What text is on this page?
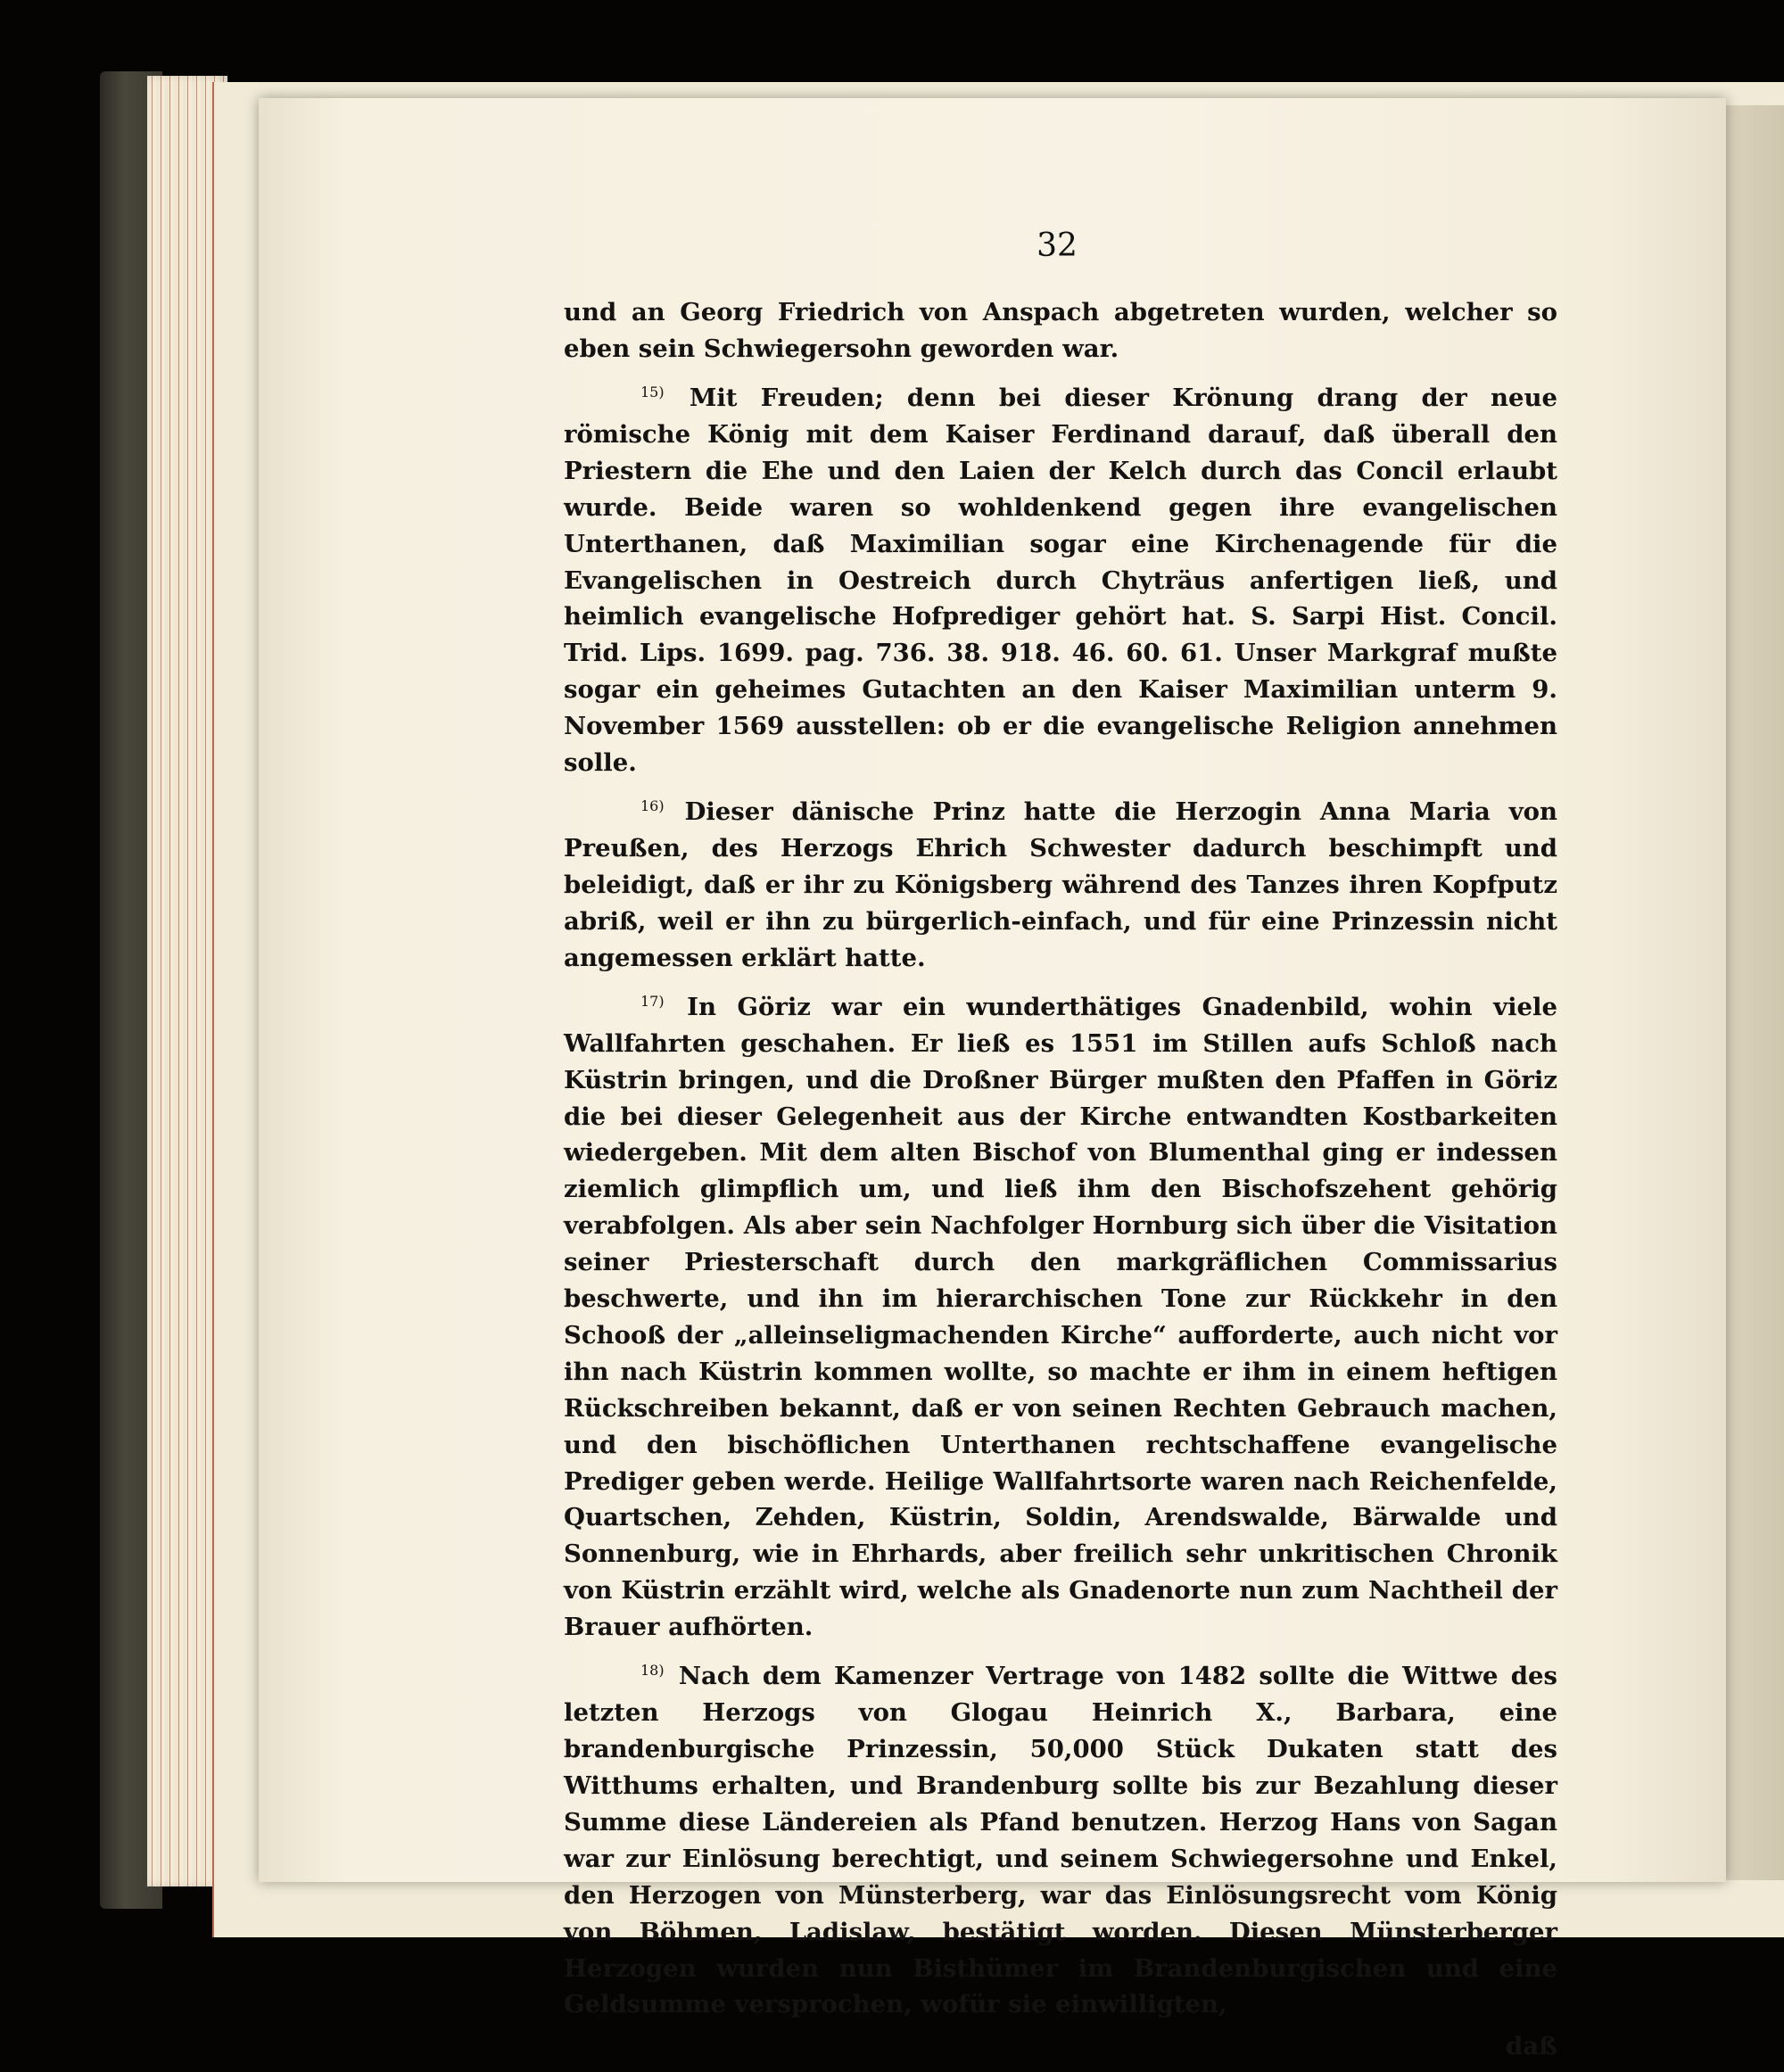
32

und an Georg Friedrich von Anspach abgetreten wurden, welcher so eben sein Schwiegersohn geworden war.

$^{15)}$ Mit Freuden; denn bei dieser Krönung drang der neue römische König mit dem Kaiser Ferdinand darauf, daß überall den Priestern die Ehe und den Laien der Kelch durch das Concil erlaubt wurde. Beide waren so wohldenkend gegen ihre evangelischen Unterthanen, daß Maximilian sogar eine Kirchenagende für die Evangelischen in Oestreich durch Chyträus anfertigen ließ, und heimlich evangelische Hofprediger gehört hat. S. Sarpi Hist. Concil. Trid. Lips. 1699. pag. 736. 38. 918. 46. 60. 61. Unser Markgraf mußte sogar ein geheimes Gutachten an den Kaiser Maximilian unterm 9. November 1569 ausstellen: ob er die evangelische Religion annehmen solle.

$^{16)}$ Dieser dänische Prinz hatte die Herzogin Anna Maria von Preußen, des Herzogs Ehrich Schwester dadurch beschimpft und beleidigt, daß er ihr zu Königsberg während des Tanzes ihren Kopfputz abriß, weil er ihn zu bürgerlich-einfach, und für eine Prinzessin nicht angemessen erklärt hatte.

$^{17)}$ In Göriz war ein wunderthätiges Gnadenbild, wohin viele Wallfahrten geschahen. Er ließ es 1551 im Stillen aufs Schloß nach Küstrin bringen, und die Droßner Bürger mußten den Pfaffen in Göriz die bei dieser Gelegenheit aus der Kirche entwandten Kostbarkeiten wiedergeben. Mit dem alten Bischof von Blumenthal ging er indessen ziemlich glimpflich um, und ließ ihm den Bischofszehent gehörig verabfolgen. Als aber sein Nachfolger Hornburg sich über die Visitation seiner Priesterschaft durch den markgräflichen Commissarius beschwerte, und ihn im hierarchischen Tone zur Rückkehr in den Schooß der „alleinseligmachenden Kirche“ aufforderte, auch nicht vor ihn nach Küstrin kommen wollte, so machte er ihm in einem heftigen Rückschreiben bekannt, daß er von seinen Rechten Gebrauch machen, und den bischöflichen Unterthanen rechtschaffene evangelische Prediger geben werde. Heilige Wallfahrtsorte waren nach Reichenfelde, Quartschen, Zehden, Küstrin, Soldin, Arendswalde, Bärwalde und Sonnenburg, wie in Ehrhards, aber freilich sehr unkritischen Chronik von Küstrin erzählt wird, welche als Gnadenorte nun zum Nachtheil der Brauer aufhörten.

$^{18)}$ Nach dem Kamenzer Vertrage von 1482 sollte die Wittwe des letzten Herzogs von Glogau Heinrich X., Barbara, eine brandenburgische Prinzessin, 50,000 Stück Dukaten statt des Witthums erhalten, und Brandenburg sollte bis zur Bezahlung dieser Summe diese Ländereien als Pfand benutzen. Herzog Hans von Sagan war zur Einlösung berechtigt, und seinem Schwiegersohne und Enkel, den Herzogen von Münsterberg, war das Einlösungsrecht vom König von Böhmen, Ladislaw, bestätigt worden. Diesen Münsterberger Herzogen wurden nun Bisthümer im Brandenburgischen und eine Geldsumme versprochen, wofür sie einwilligten,

daß
